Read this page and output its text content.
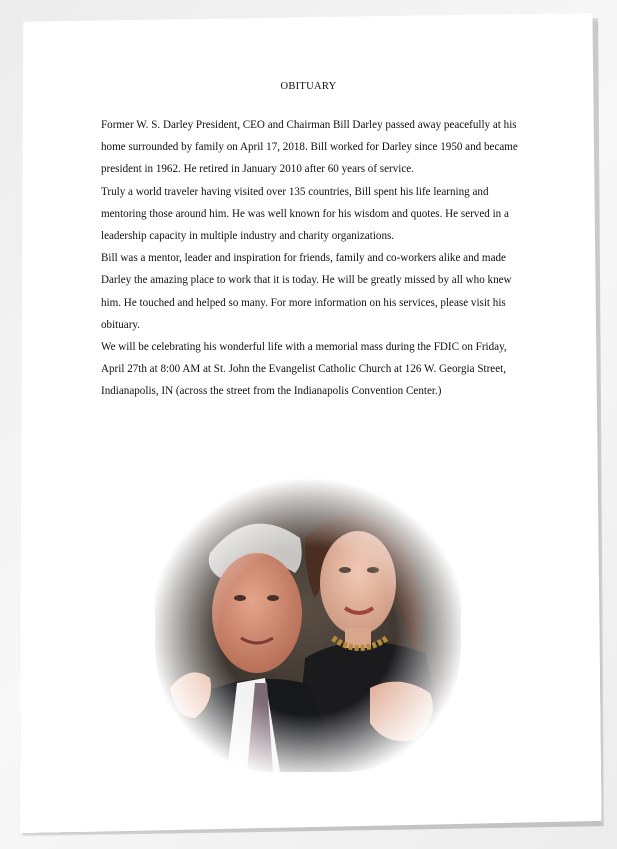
OBITUARY

Former W. S. Darley President, CEO and Chairman Bill Darley passed away peacefully at his home surrounded by family on April 17, 2018. Bill worked for Darley since 1950 and became president in 1962. He retired in January 2010 after 60 years of service.

Truly a world traveler having visited over 135 countries, Bill spent his life learning and mentoring those around him. He was well known for his wisdom and quotes. He served in a leadership capacity in multiple industry and charity organizations.

Bill was a mentor, leader and inspiration for friends, family and co-workers alike and made Darley the amazing place to work that it is today. He will be greatly missed by all who knew him. He touched and helped so many. For more information on his services, please visit his obituary.

We will be celebrating his wonderful life with a memorial mass during the FDIC on Friday, April 27th at 8:00 AM at St. John the Evangelist Catholic Church at 126 W. Georgia Street, Indianapolis, IN (across the street from the Indianapolis Convention Center.)
